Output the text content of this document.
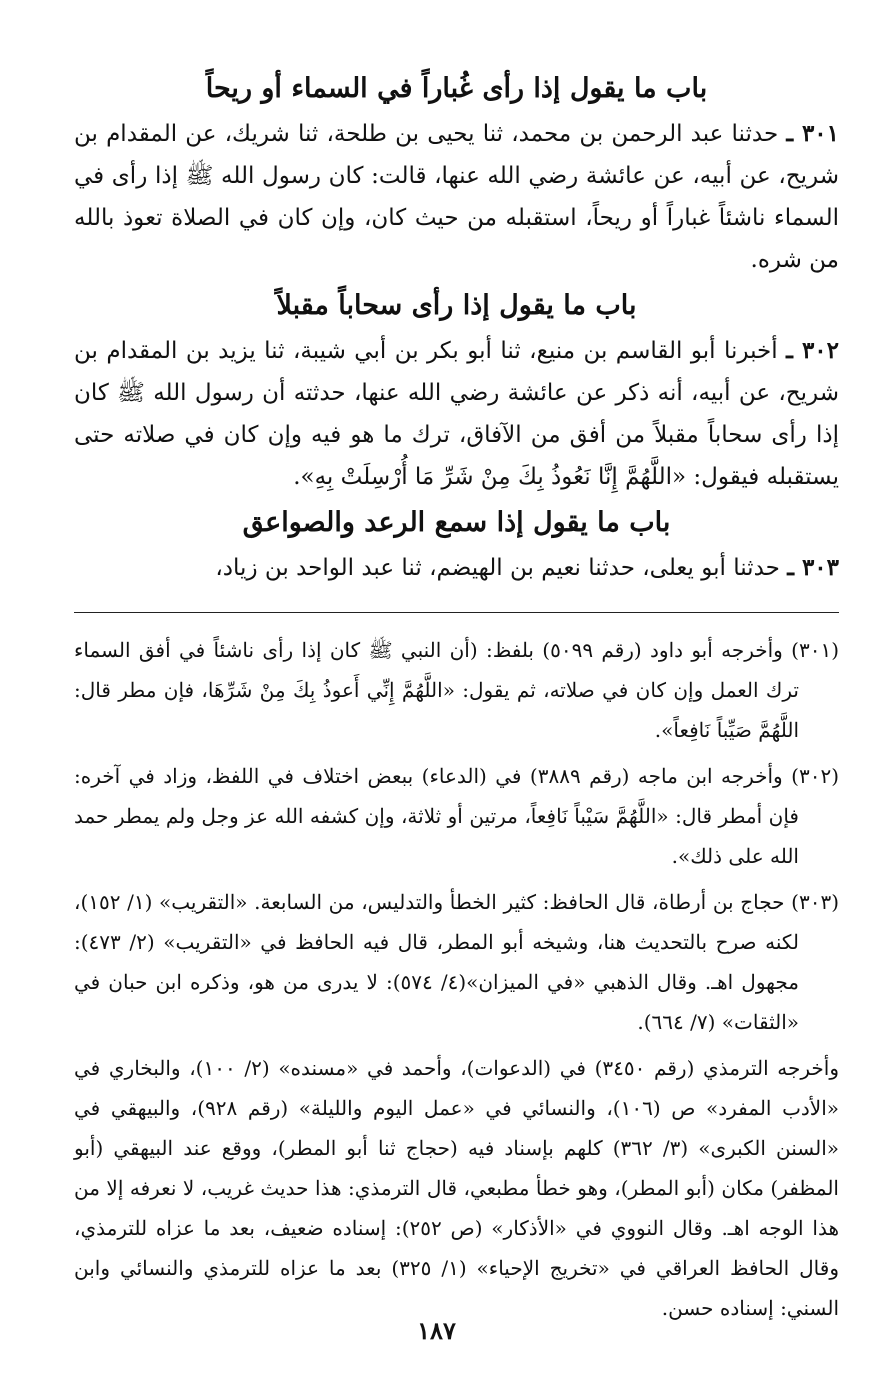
باب ما يقول إذا رأى غُباراً في السماء أو ريحاً

٣٠١ ـ حدثنا عبد الرحمن بن محمد، ثنا يحيى بن طلحة، ثنا شريك، عن المقدام بن شريح، عن أبيه، عن عائشة رضي الله عنها، قالت: كان رسول الله ﷺ إذا رأى في السماء ناشئاً غباراً أو ريحاً، استقبله من حيث كان، وإن كان في الصلاة تعوذ بالله من شره.

باب ما يقول إذا رأى سحاباً مقبلاً

٣٠٢ ـ أخبرنا أبو القاسم بن منيع، ثنا أبو بكر بن أبي شيبة، ثنا يزيد بن المقدام بن شريح، عن أبيه، أنه ذكر عن عائشة رضي الله عنها، حدثته أن رسول الله ﷺ كان إذا رأى سحاباً مقبلاً من أفق من الآفاق، ترك ما هو فيه وإن كان في صلاته حتى يستقبله فيقول: «اللَّهُمَّ إِنَّا نَعُوذُ بِكَ مِنْ شَرِّ مَا أُرْسِلَتْ بِهِ».

باب ما يقول إذا سمع الرعد والصواعق

٣٠٣ ـ حدثنا أبو يعلى، حدثنا نعيم بن الهيضم، ثنا عبد الواحد بن زياد،

(٣٠١) وأخرجه أبو داود (رقم ٥٠٩٩) بلفظ: (أن النبي ﷺ كان إذا رأى ناشئاً في أفق السماء ترك العمل وإن كان في صلاته، ثم يقول: «اللَّهُمَّ إِنِّي أَعوذُ بِكَ مِنْ شَرِّهَا، فإن مطر قال: اللَّهُمَّ صَيِّباً نَافِعاً».

(٣٠٢) وأخرجه ابن ماجه (رقم ٣٨٨٩) في (الدعاء) ببعض اختلاف في اللفظ، وزاد في آخره: فإن أمطر قال: «اللَّهُمَّ سَيْباً نَافِعاً، مرتين أو ثلاثة، وإن كشفه الله عز وجل ولم يمطر حمد الله على ذلك».

(٣٠٣) حجاج بن أرطاة، قال الحافظ: كثير الخطأ والتدليس، من السابعة. «التقريب» (١/ ١٥٢)، لكنه صرح بالتحديث هنا، وشيخه أبو المطر، قال فيه الحافظ في «التقريب» (٢/ ٤٧٣): مجهول اهـ. وقال الذهبي «في الميزان»(٤/ ٥٧٤): لا يدرى من هو، وذكره ابن حبان في «الثقات» (٧/ ٦٦٤).

وأخرجه الترمذي (رقم ٣٤٥٠) في (الدعوات)، وأحمد في «مسنده» (٢/ ١٠٠)، والبخاري في «الأدب المفرد» ص (١٠٦)، والنسائي في «عمل اليوم والليلة» (رقم ٩٢٨)، والبيهقي في «السنن الكبرى» (٣/ ٣٦٢) كلهم بإسناد فيه (حجاج ثنا أبو المطر)، ووقع عند البيهقي (أبو المظفر) مكان (أبو المطر)، وهو خطأ مطبعي، قال الترمذي: هذا حديث غريب، لا نعرفه إلا من هذا الوجه اهـ. وقال النووي في «الأذكار» (ص ٢٥٢): إسناده ضعيف، بعد ما عزاه للترمذي، وقال الحافظ العراقي في «تخريج الإحياء» (١/ ٣٢٥) بعد ما عزاه للترمذي والنسائي وابن السني: إسناده حسن.

١٨٧
